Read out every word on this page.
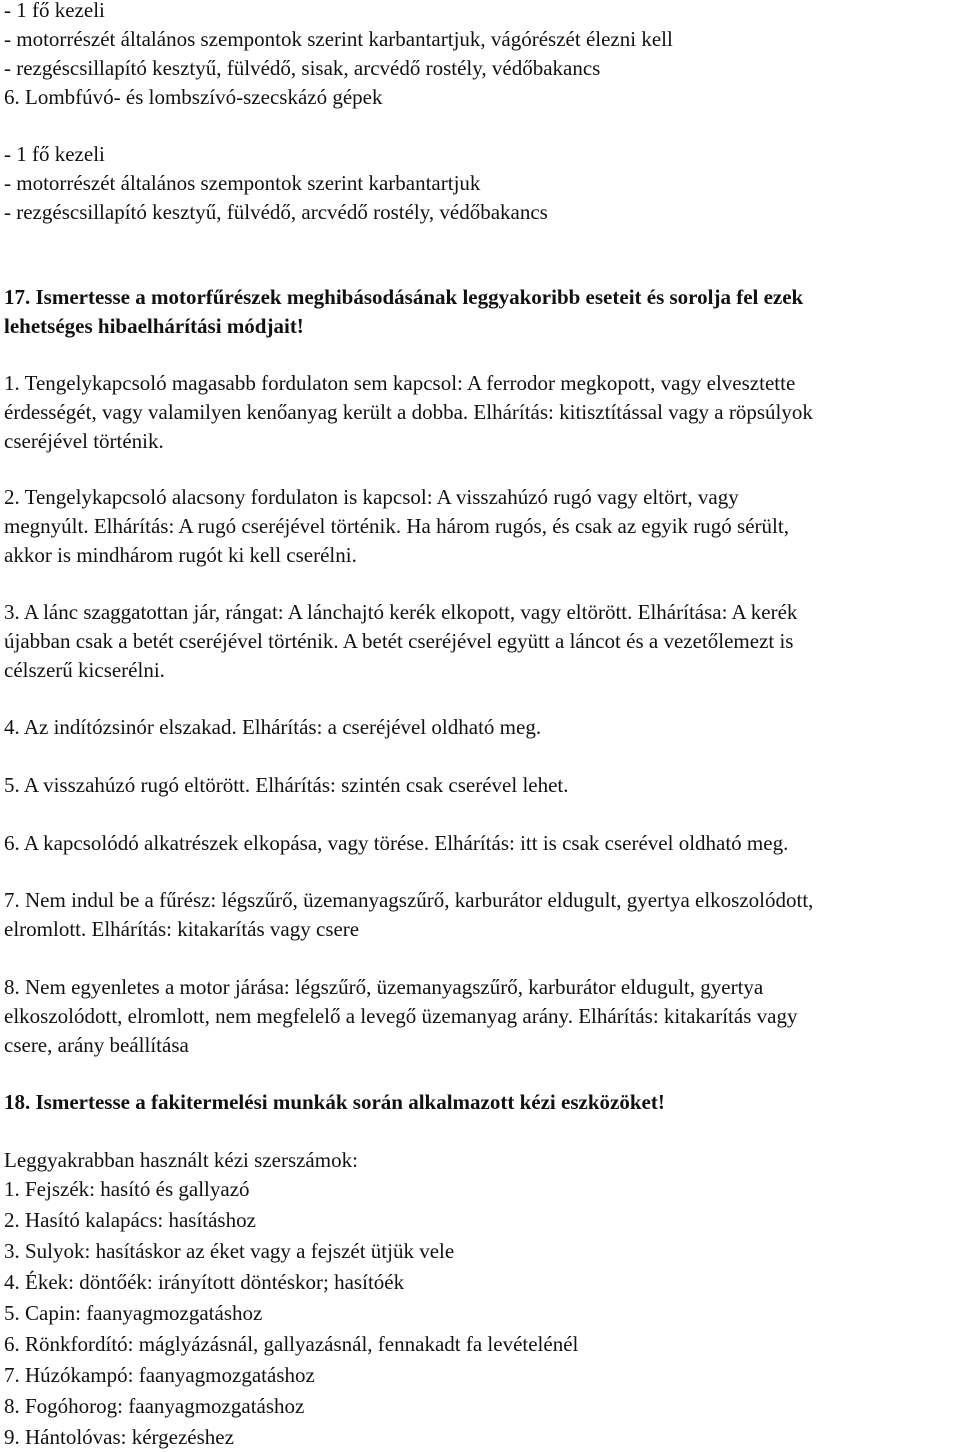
- 1 fő kezeli
- motorrészét általános szempontok szerint karbantartjuk, vágórészét élezni kell
- rezgéscsillapító kesztyű, fülvédő, sisak, arcvédő rostély, védőbakancs
6. Lombfúvó- és lombszívó-szecskázó gépek
- 1 fő kezeli
- motorrészét általános szempontok szerint karbantartjuk
- rezgéscsillapító kesztyű, fülvédő, arcvédő rostély, védőbakancs
17. Ismertesse a motorfűrészek meghibásodásának leggyakoribb eseteit és sorolja fel ezek
lehetséges hibaelhárítási módjait!
1. Tengelykapcsoló magasabb fordulaton sem kapcsol: A ferrodor megkopott, vagy elvesztette
érdességét, vagy valamilyen kenőanyag került a dobba. Elhárítás: kitisztítással vagy a röpsúlyok
cseréjével történik.
2. Tengelykapcsoló alacsony fordulaton is kapcsol: A visszahúzó rugó vagy eltört, vagy
megnyúlt. Elhárítás: A rugó cseréjével történik. Ha három rugós, és csak az egyik rugó sérült,
akkor is mindhárom rugót ki kell cserélni.
3. A lánc szaggatottan jár, rángat: A lánchajtó kerék elkopott, vagy eltörött. Elhárítása: A kerék
újabban csak a betét cseréjével történik. A betét cseréjével együtt a láncot és a vezetőlemezt is
célszerű kicserélni.
4. Az indítózsinór elszakad. Elhárítás: a cseréjével oldható meg.
5. A visszahúzó rugó eltörött. Elhárítás: szintén csak cserével lehet.
6. A kapcsolódó alkatrészek elkopása, vagy törése. Elhárítás: itt is csak cserével oldható meg.
7. Nem indul be a fűrész: légszűrő, üzemanyagszűrő, karburátor eldugult, gyertya elkoszolódott,
elromlott. Elhárítás: kitakarítás vagy csere
8. Nem egyenletes a motor járása: légszűrő, üzemanyagszűrő, karburátor eldugult, gyertya
elkoszolódott, elromlott, nem megfelelő a levegő üzemanyag arány. Elhárítás: kitakarítás vagy
csere, arány beállítása
18. Ismertesse a fakitermelési munkák során alkalmazott kézi eszközöket!
Leggyakrabban használt kézi szerszámok:
1. Fejszék: hasító és gallyazó
2. Hasító kalapács: hasításhoz
3. Sulyok: hasításkor az éket vagy a fejszét ütjük vele
4. Ékek: döntőék: irányított döntéskor; hasítóék
5. Capin: faanyagmozgatáshoz
6. Rönkfordító: máglyázásnál, gallyazásnál, fennakadt fa levételénél
7. Húzókampó: faanyagmozgatáshoz
8. Fogóhorog: faanyagmozgatáshoz
9. Hántolóvas: kérgezéshez
